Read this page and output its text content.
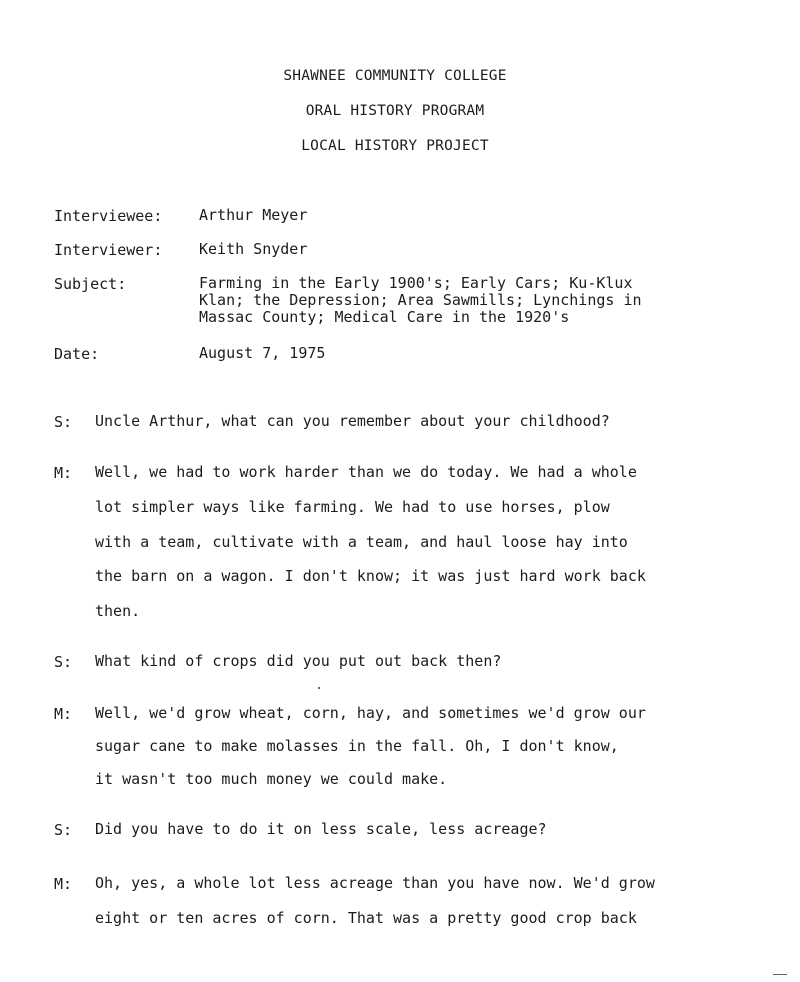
SHAWNEE COMMUNITY COLLEGE
ORAL HISTORY PROGRAM
LOCAL HISTORY PROJECT
Interviewee: Arthur Meyer
Interviewer: Keith Snyder
Subject:	Farming in the Early 1900's; Early Cars; Ku-Klux
Klan; the Depression; Area Sawmills; Lynchings in
Massac County; Medical Care in the 1920's
Date:	August 7, 1975
S: Uncle Arthur, what can you remember about your childhood?
M: Well, we had to work harder than we do today. We had a whole
lot simpler ways like farming. We had to use horses, plow
with a team, cultivate with a team, and haul loose hay into
the barn on a wagon. I don't know; it was just hard work back
then.
S: What kind of crops did you put out back then?
M: Well, we'd grow wheat, corn, hay, and sometimes we'd grow our
sugar cane to make molasses in the fall. Oh, I don't know,
it wasn't too much money we could make.
S: Did you have to do it on less scale, less acreage?
M: Oh, yes, a whole lot less acreage than you have now. We'd grow
eight or ten acres of corn. That was a pretty good crop back
